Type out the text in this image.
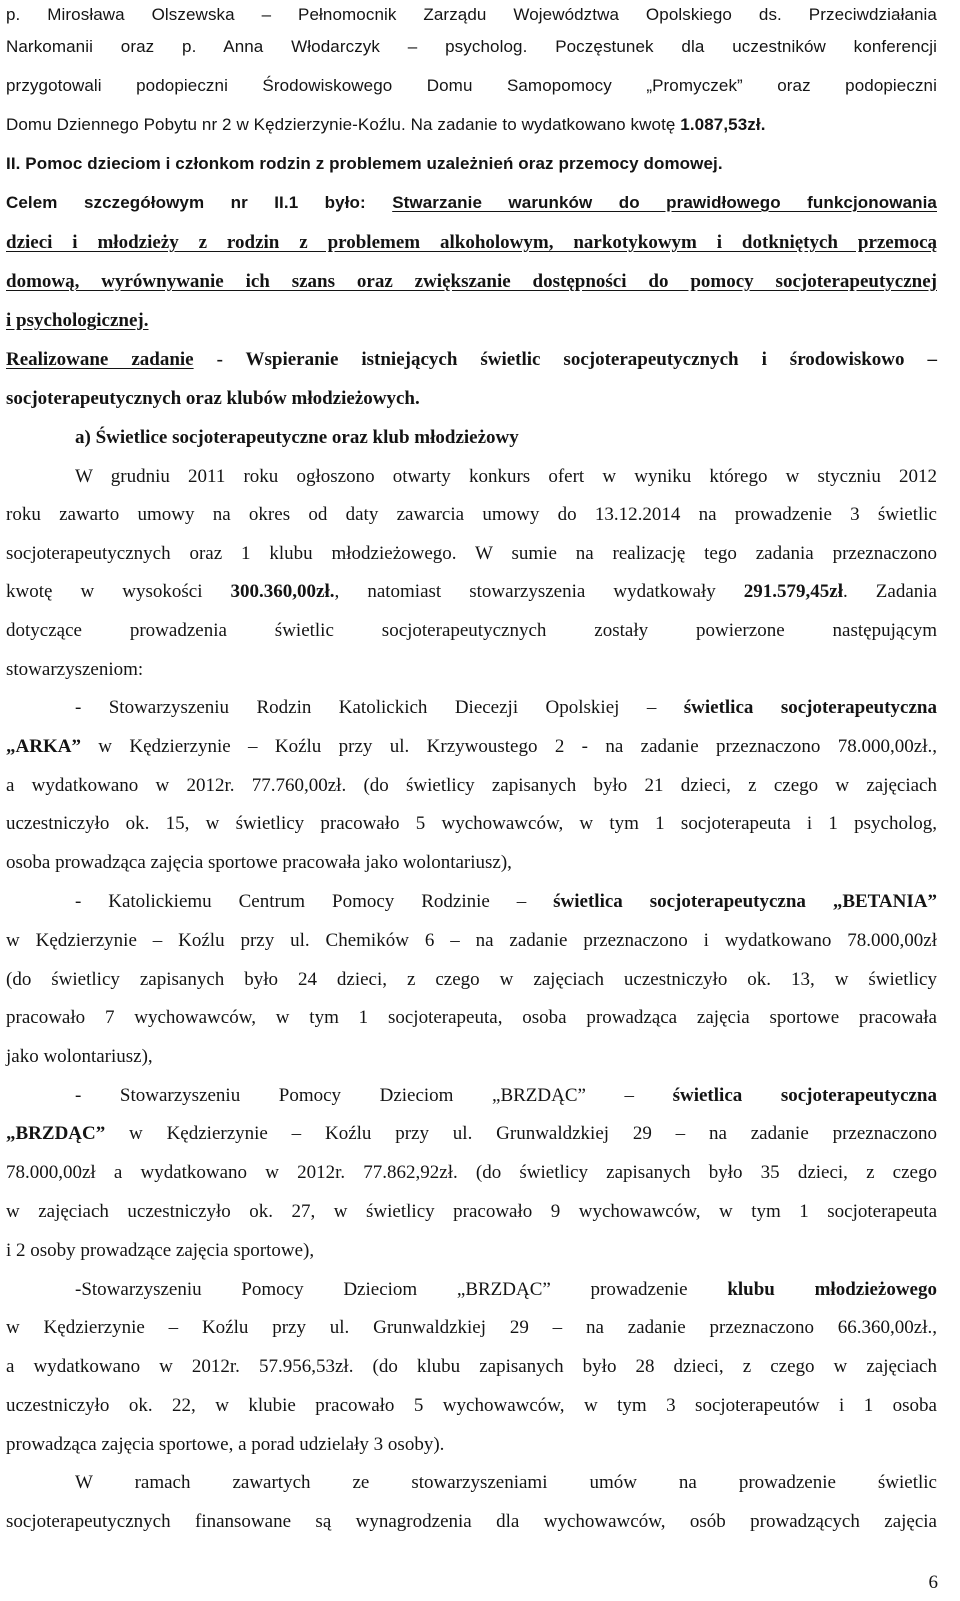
p. Mirosława Olszewska – Pełnomocnik Zarządu Województwa Opolskiego ds. Przeciwdziałania
Narkomanii oraz p. Anna Włodarczyk – psycholog. Poczęstunek dla uczestników konferencji
przygotowali podopieczni Środowiskowego Domu Samopomocy „Promyczek” oraz podopieczni
Domu Dziennego Pobytu nr 2 w Kędzierzynie-Koźlu. Na zadanie to wydatkowano kwotę 1.087,53zł.
II. Pomoc dzieciom i członkom rodzin z problemem uzależnień oraz przemocy domowej.
Celem szczegółowym nr II.1 było: Stwarzanie warunków do prawidłowego funkcjonowania
dzieci i młodzieży z rodzin z problemem alkoholowym, narkotykowym i dotkniętych przemocą
domową, wyrównywanie ich szans oraz zwiększanie dostępności do pomocy socjoterapeutycznej
i psychologicznej.
Realizowane zadanie - Wspieranie istniejących świetlic socjoterapeutycznych i środowiskowo –
socjoterapeutycznych oraz klubów młodzieżowych.
a) Świetlice socjoterapeutyczne oraz klub młodzieżowy
W grudniu 2011 roku ogłoszono otwarty konkurs ofert w wyniku którego w styczniu 2012
roku zawarto umowy na okres od daty zawarcia umowy do 13.12.2014 na prowadzenie 3 świetlic
socjoterapeutycznych oraz 1 klubu młodzieżowego. W sumie na realizację tego zadania przeznaczono
kwotę w wysokości 300.360,00zł., natomiast stowarzyszenia wydatkowały 291.579,45zł. Zadania
dotyczące prowadzenia świetlic socjoterapeutycznych zostały powierzone następującym
stowarzyszeniom:
- Stowarzyszeniu Rodzin Katolickich Diecezji Opolskiej – świetlica socjoterapeutyczna
„ARKA” w Kędzierzynie – Koźlu przy ul. Krzywoustego 2 - na zadanie przeznaczono 78.000,00zł.,
a wydatkowano w 2012r. 77.760,00zł. (do świetlicy zapisanych było 21 dzieci, z czego w zajęciach
uczestniczyło ok. 15, w świetlicy pracowało 5 wychowawców, w tym 1 socjoterapeuta i 1 psycholog,
osoba prowadząca zajęcia sportowe pracowała jako wolontariusz),
- Katolickiemu Centrum Pomocy Rodzinie – świetlica socjoterapeutyczna „BETANIA”
w Kędzierzynie – Koźlu przy ul. Chemików 6 – na zadanie przeznaczono i wydatkowano 78.000,00zł
(do świetlicy zapisanych było 24 dzieci, z czego w zajęciach uczestniczyło ok. 13, w świetlicy
pracowało 7 wychowawców, w tym 1 socjoterapeuta, osoba prowadząca zajęcia sportowe pracowała
jako wolontariusz),
- Stowarzyszeniu Pomocy Dzieciom „BRZDĄC” – świetlica socjoterapeutyczna
„BRZDĄC” w Kędzierzynie – Koźlu przy ul. Grunwaldzkiej 29 – na zadanie przeznaczono
78.000,00zł a wydatkowano w 2012r. 77.862,92zł. (do świetlicy zapisanych było 35 dzieci, z czego
w zajęciach uczestniczyło ok. 27, w świetlicy pracowało 9 wychowawców, w tym 1 socjoterapeuta
i 2 osoby prowadzące zajęcia sportowe),
-Stowarzyszeniu Pomocy Dzieciom „BRZDĄC” prowadzenie klubu młodzieżowego
w Kędzierzynie – Koźlu przy ul. Grunwaldzkiej 29 – na zadanie przeznaczono 66.360,00zł.,
a wydatkowano w 2012r. 57.956,53zł. (do klubu zapisanych było 28 dzieci, z czego w zajęciach
uczestniczyło ok. 22, w klubie pracowało 5 wychowawców, w tym 3 socjoterapeutów i 1 osoba
prowadząca zajęcia sportowe, a porad udzielały 3 osoby).
W ramach zawartych ze stowarzyszeniami umów na prowadzenie świetlic
socjoterapeutycznych finansowane są wynagrodzenia dla wychowawców, osób prowadzących zajęcia
6
